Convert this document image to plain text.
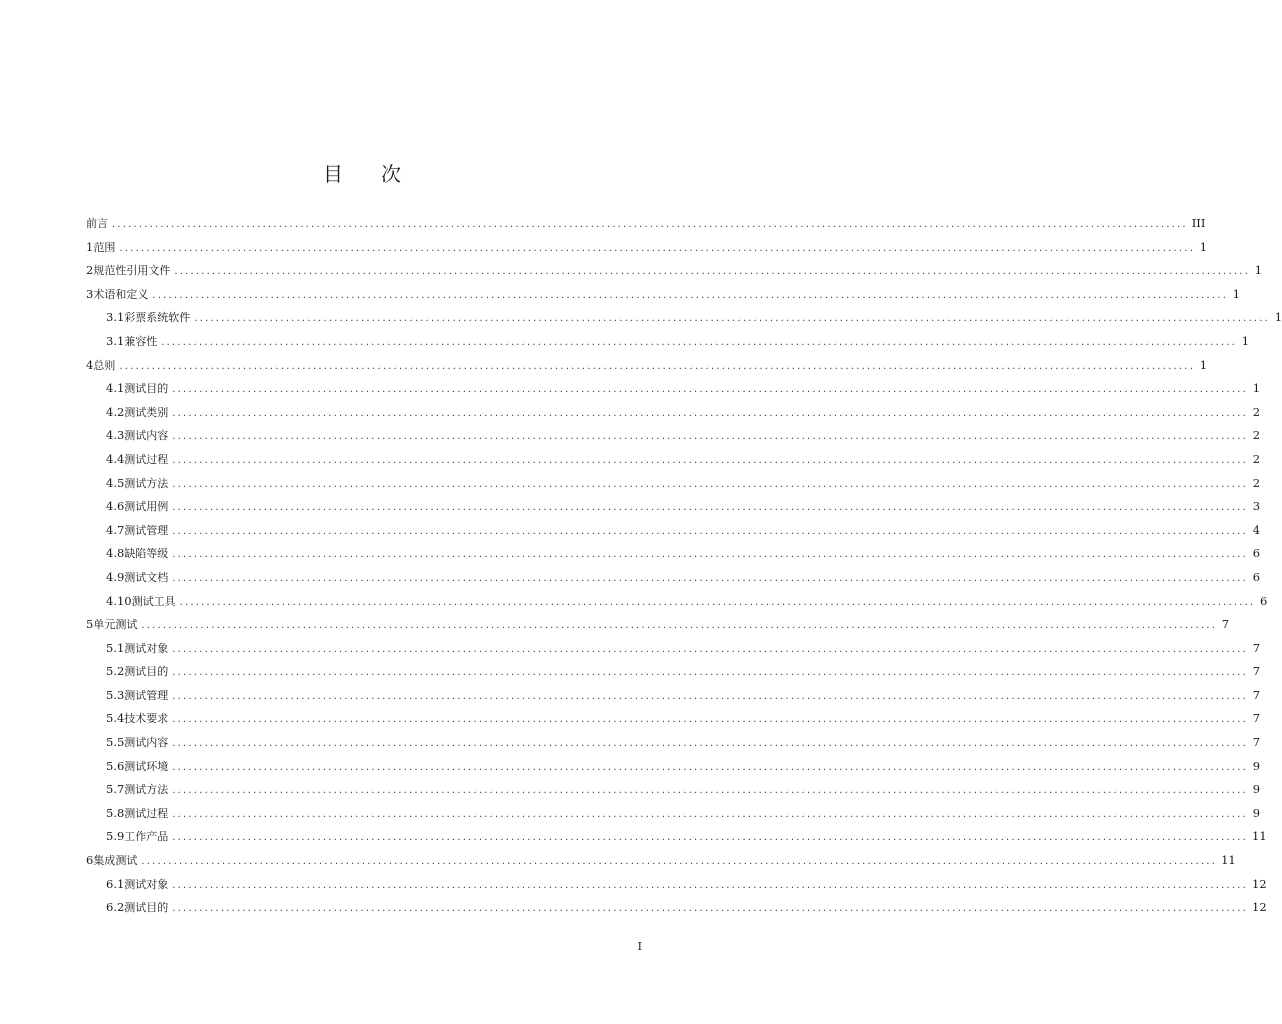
目 次
前言 ........................................................................................................................................................................................................ III
1 范围 ........................................................................................................................................................................................................ 1
2 规范性引用文件 ........................................................................................................................................................................................................ 1
3 术语和定义 ........................................................................................................................................................................................................ 1
3.1 彩票系统软件 ........................................................................................................................................................................................................ 1
3.1 兼容性 ........................................................................................................................................................................................................ 1
4 总则 ........................................................................................................................................................................................................ 1
4.1 测试目的 ........................................................................................................................................................................................................ 1
4.2 测试类别 ........................................................................................................................................................................................................ 2
4.3 测试内容 ........................................................................................................................................................................................................ 2
4.4 测试过程 ........................................................................................................................................................................................................ 2
4.5 测试方法 ........................................................................................................................................................................................................ 2
4.6 测试用例 ........................................................................................................................................................................................................ 3
4.7 测试管理 ........................................................................................................................................................................................................ 4
4.8 缺陷等级 ........................................................................................................................................................................................................ 6
4.9 测试文档 ........................................................................................................................................................................................................ 6
4.10 测试工具 ........................................................................................................................................................................................................ 6
5 单元测试 ........................................................................................................................................................................................................ 7
5.1 测试对象 ........................................................................................................................................................................................................ 7
5.2 测试目的 ........................................................................................................................................................................................................ 7
5.3 测试管理 ........................................................................................................................................................................................................ 7
5.4 技术要求 ........................................................................................................................................................................................................ 7
5.5 测试内容 ........................................................................................................................................................................................................ 7
5.6 测试环境 ........................................................................................................................................................................................................ 9
5.7 测试方法 ........................................................................................................................................................................................................ 9
5.8 测试过程 ........................................................................................................................................................................................................ 9
5.9 工作产品 ........................................................................................................................................................................................................ 11
6 集成测试 ........................................................................................................................................................................................................ 11
6.1 测试对象 ........................................................................................................................................................................................................ 12
6.2 测试目的 ........................................................................................................................................................................................................ 12
I
